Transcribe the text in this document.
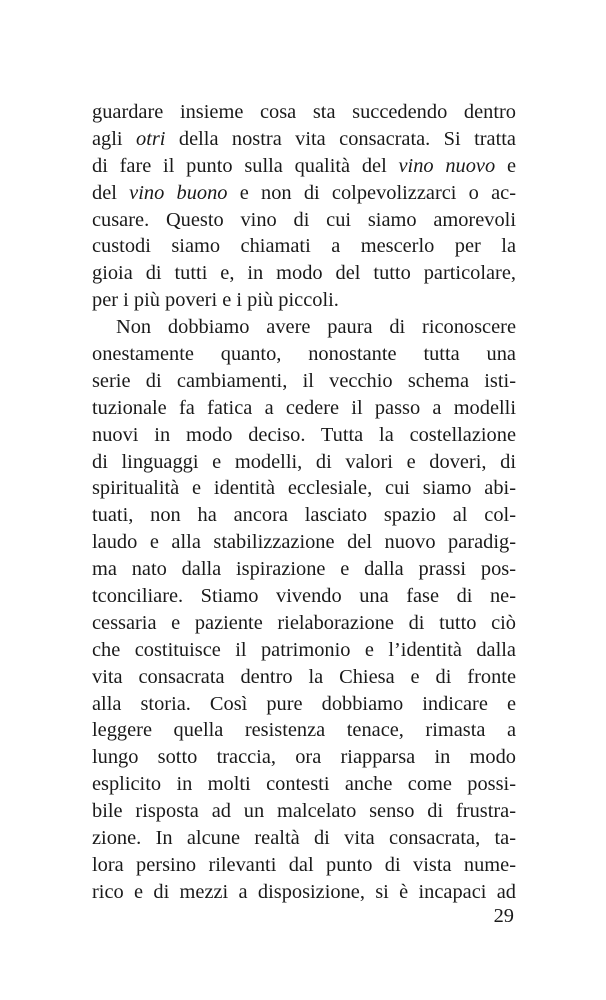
guardare insieme cosa sta succedendo dentro
agli otri della nostra vita consacrata. Si tratta
di fare il punto sulla qualità del vino nuovo e
del vino buono e non di colpevolizzarci o ac-
cusare. Questo vino di cui siamo amorevoli
custodi siamo chiamati a mescerlo per la
gioia di tutti e, in modo del tutto particolare,
per i più poveri e i più piccoli.
Non dobbiamo avere paura di riconoscere
onestamente quanto, nonostante tutta una
serie di cambiamenti, il vecchio schema isti-
tuzionale fa fatica a cedere il passo a modelli
nuovi in modo deciso. Tutta la costellazione
di linguaggi e modelli, di valori e doveri, di
spiritualità e identità ecclesiale, cui siamo abi-
tuati, non ha ancora lasciato spazio al col-
laudo e alla stabilizzazione del nuovo paradig-
ma nato dalla ispirazione e dalla prassi pos-
tconciliare. Stiamo vivendo una fase di ne-
cessaria e paziente rielaborazione di tutto ciò
che costituisce il patrimonio e l’identità dalla
vita consacrata dentro la Chiesa e di fronte
alla storia. Così pure dobbiamo indicare e
leggere quella resistenza tenace, rimasta a
lungo sotto traccia, ora riapparsa in modo
esplicito in molti contesti anche come possi-
bile risposta ad un malcelato senso di frustra-
zione. In alcune realtà di vita consacrata, ta-
lora persino rilevanti dal punto di vista nume-
rico e di mezzi a disposizione, si è incapaci ad
29
